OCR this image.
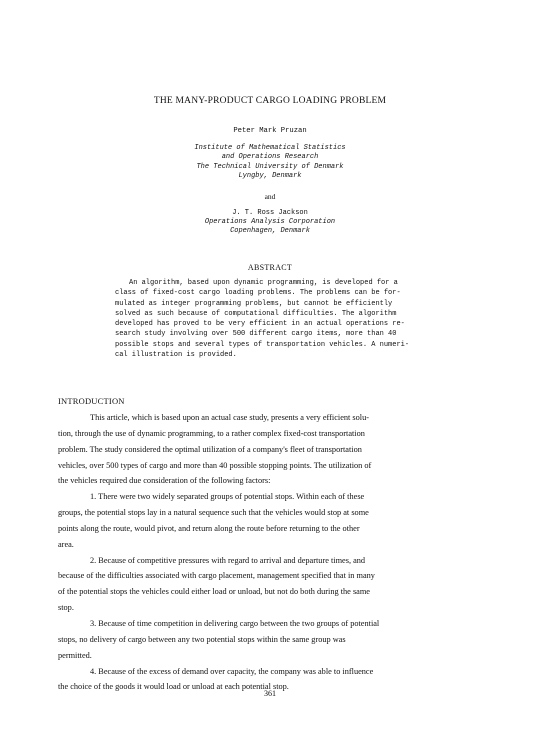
THE MANY-PRODUCT CARGO LOADING PROBLEM
Peter Mark Pruzan
Institute of Mathematical Statistics
and Operations Research
The Technical University of Denmark
Lyngby, Denmark
and
J. T. Ross Jackson
Operations Analysis Corporation
Copenhagen, Denmark
ABSTRACT
An algorithm, based upon dynamic programming, is developed for a
class of fixed-cost cargo loading problems. The problems can be for-
mulated as integer programming problems, but cannot be efficiently
solved as such because of computational difficulties. The algorithm
developed has proved to be very efficient in an actual operations re-
search study involving over 500 different cargo items, more than 40
possible stops and several types of transportation vehicles. A numeri-
cal illustration is provided.
INTRODUCTION
This article, which is based upon an actual case study, presents a very efficient solu-
tion, through the use of dynamic programming, to a rather complex fixed-cost transportation
problem. The study considered the optimal utilization of a company's fleet of transportation
vehicles, over 500 types of cargo and more than 40 possible stopping points. The utilization of
the vehicles required due consideration of the following factors:
1. There were two widely separated groups of potential stops. Within each of these
groups, the potential stops lay in a natural sequence such that the vehicles would stop at some
points along the route, would pivot, and return along the route before returning to the other
area.
2. Because of competitive pressures with regard to arrival and departure times, and
because of the difficulties associated with cargo placement, management specified that in many
of the potential stops the vehicles could either load or unload, but not do both during the same
stop.
3. Because of time competition in delivering cargo between the two groups of potential
stops, no delivery of cargo between any two potential stops within the same group was
permitted.
4. Because of the excess of demand over capacity, the company was able to influence
the choice of the goods it would load or unload at each potential stop.
361
